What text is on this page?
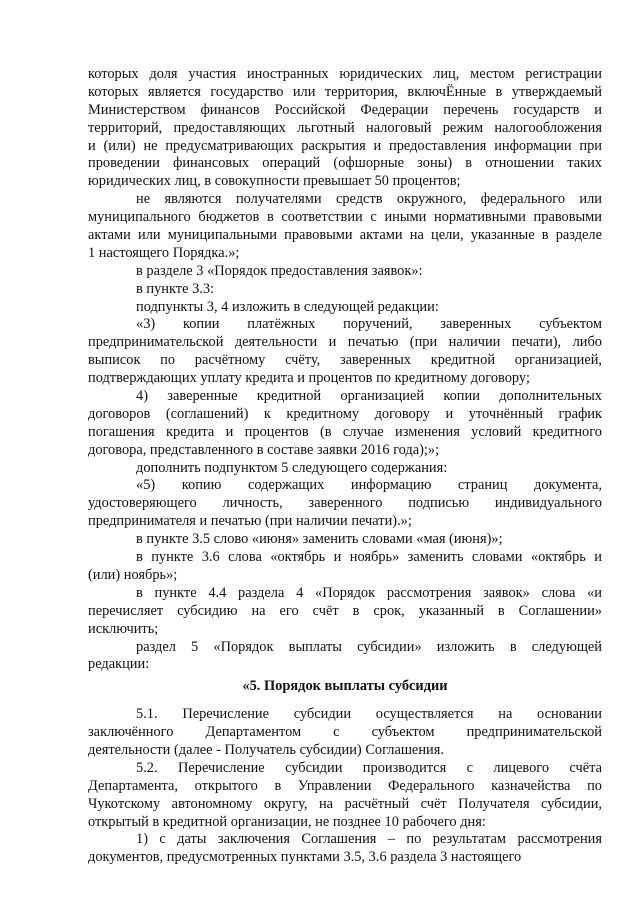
которых доля участия иностранных юридических лиц, местом регистрации
которых является государство или территория, включЁнные в утверждаемый
Министерством финансов Российской Федерации перечень государств и
территорий, предоставляющих льготный налоговый режим налогообложения
и (или) не предусматривающих раскрытия и предоставления информации при
проведении финансовых операций (офшорные зоны) в отношении таких
юридических лиц, в совокупности превышает 50 процентов;
не являются получателями средств окружного, федерального или
муниципального бюджетов в соответствии с иными нормативными правовыми
актами или муниципальными правовыми актами на цели, указанные в разделе
1 настоящего Порядка.»;
в разделе 3 «Порядок предоставления заявок»:
в пункте 3.3:
подпункты 3, 4 изложить в следующей редакции:
«3) копии платёжных поручений, заверенных субъектом
предпринимательской деятельности и печатью (при наличии печати), либо
выписок по расчётному счёту, заверенных кредитной организацией,
подтверждающих уплату кредита и процентов по кредитному договору;
4) заверенные кредитной организацией копии дополнительных
договоров (соглашений) к кредитному договору и уточнённый график
погашения кредита и процентов (в случае изменения условий кредитного
договора, представленного в составе заявки 2016 года);»;
дополнить подпунктом 5 следующего содержания:
«5) копию содержащих информацию страниц документа,
удостоверяющего личность, заверенного подписью индивидуального
предпринимателя и печатью (при наличии печати).»;
в пункте 3.5 слово «июня» заменить словами «мая (июня)»;
в пункте 3.6 слова «октябрь и ноябрь» заменить словами «октябрь и
(или) ноябрь»;
в пункте 4.4 раздела 4 «Порядок рассмотрения заявок» слова «и
перечисляет субсидию на его счёт в срок, указанный в Соглашении»
исключить;
раздел 5 «Порядок выплаты субсидии» изложить в следующей
редакции:
«5. Порядок выплаты субсидии
5.1. Перечисление субсидии осуществляется на основании
заключённого Департаментом с субъектом предпринимательской
деятельности (далее - Получатель субсидии) Соглашения.
5.2. Перечисление субсидии производится с лицевого счёта
Департамента, открытого в Управлении Федерального казначейства по
Чукотскому автономному округу, на расчётный счёт Получателя субсидии,
открытый в кредитной организации, не позднее 10 рабочего дня:
1) с даты заключения Соглашения – по результатам рассмотрения
документов, предусмотренных пунктами 3.5, 3.6 раздела 3 настоящего
